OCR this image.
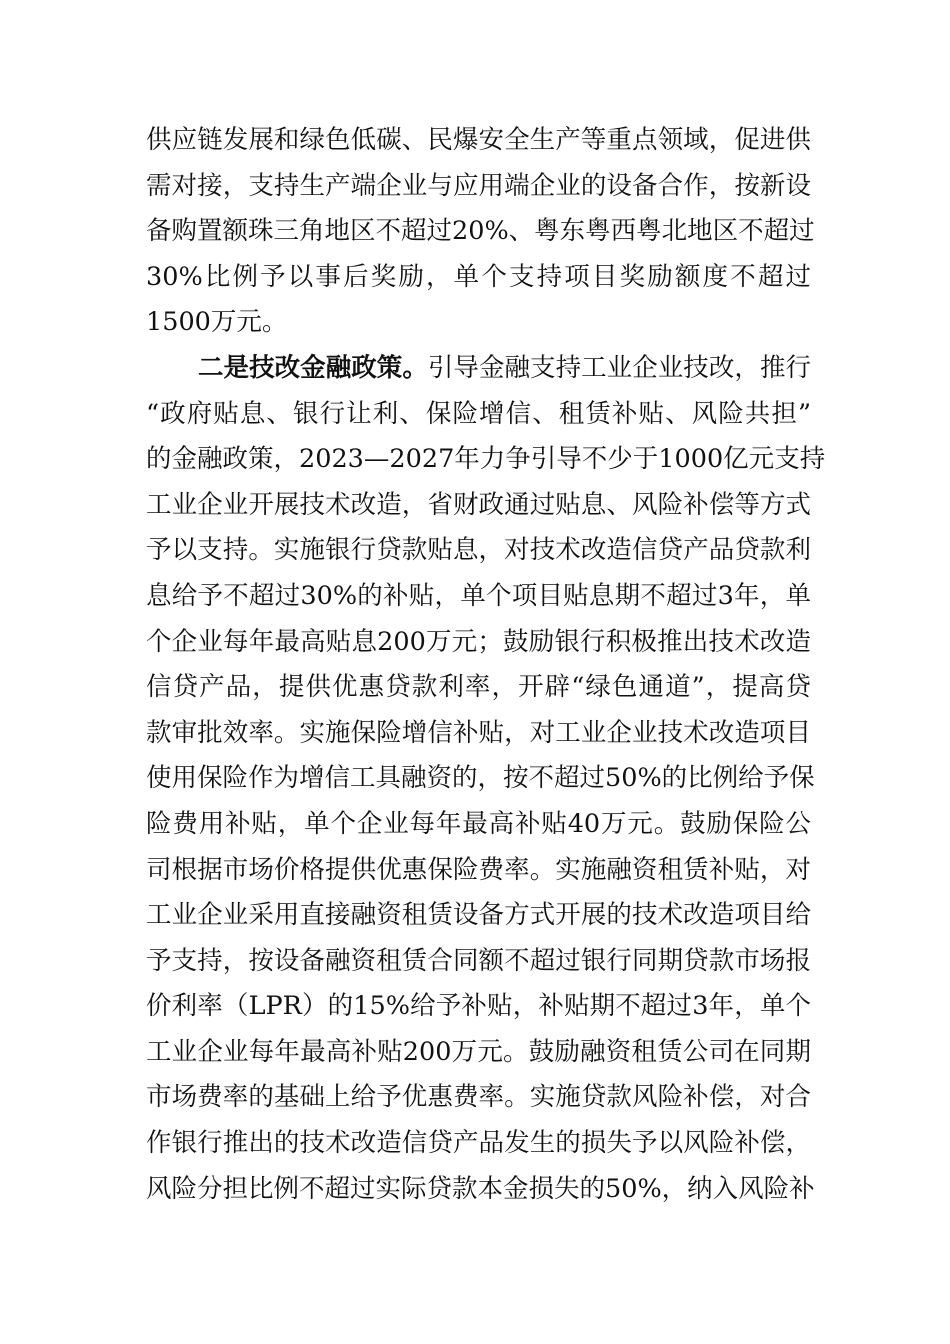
供应链发展和绿色低碳、民爆安全生产等重点领域，促进供
需对接，支持生产端企业与应用端企业的设备合作，按新设
备购置额珠三角地区不超过20%、粤东粤西粤北地区不超过
30%比例予以事后奖励，单个支持项目奖励额度不超过
1500万元。
二是技改金融政策。引导金融支持工业企业技改，推行
“政府贴息、银行让利、保险增信、租赁补贴、风险共担”
的金融政策，2023—2027年力争引导不少于1000亿元支持
工业企业开展技术改造，省财政通过贴息、风险补偿等方式
予以支持。实施银行贷款贴息，对技术改造信贷产品贷款利
息给予不超过30%的补贴，单个项目贴息期不超过3年，单
个企业每年最高贴息200万元；鼓励银行积极推出技术改造
信贷产品，提供优惠贷款利率，开辟“绿色通道”，提高贷
款审批效率。实施保险增信补贴，对工业企业技术改造项目
使用保险作为增信工具融资的，按不超过50%的比例给予保
险费用补贴，单个企业每年最高补贴40万元。鼓励保险公
司根据市场价格提供优惠保险费率。实施融资租赁补贴，对
工业企业采用直接融资租赁设备方式开展的技术改造项目给
予支持，按设备融资租赁合同额不超过银行同期贷款市场报
价利率（LPR）的15%给予补贴，补贴期不超过3年，单个
工业企业每年最高补贴200万元。鼓励融资租赁公司在同期
市场费率的基础上给予优惠费率。实施贷款风险补偿，对合
作银行推出的技术改造信贷产品发生的损失予以风险补偿，
风险分担比例不超过实际贷款本金损失的50%，纳入风险补
